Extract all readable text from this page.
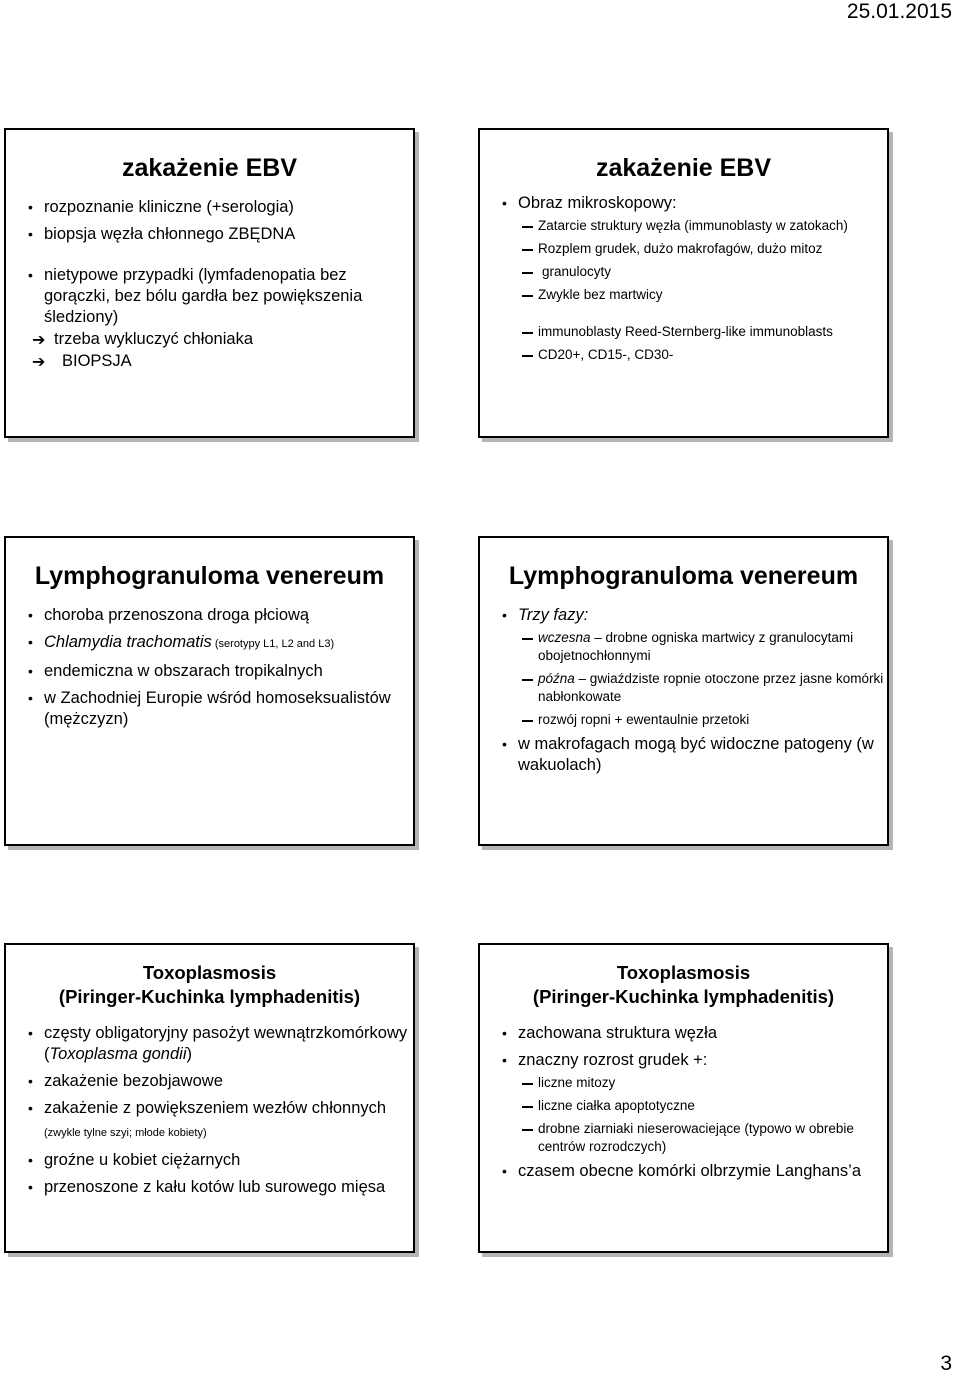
25.01.2015
zakażenie EBV
• rozpoznanie kliniczne (+serologia)
• biopsja węzła chłonnego ZBĘDNA
• nietypowe przypadki (lymfadenopatia bez gorączki, bez bólu gardła bez powiększenia śledziony)
➔ trzeba wykluczyć chłoniaka
➔ BIOPSJA
zakażenie EBV
• Obraz mikroskopowy:
Zatarcie struktury węzła (immunoblasty w zatokach)
Rozplem grudek, dużo makrofagów, dużo mitoz
granulocyty
Zwykle bez martwicy
immunoblasty Reed-Sternberg-like immunoblasts
CD20+, CD15-, CD30-
Lymphogranuloma venereum
• choroba przenoszona droga płciową
• Chlamydia trachomatis (serotypy L1, L2 and L3)
• endemiczna w obszarach tropikalnych
• w Zachodniej Europie wśród homoseksualistów (mężczyzn)
Lymphogranuloma venereum
• Trzy fazy:
wczesna – drobne ogniska martwicy z granulocytami obojetnochłonnymi
późna – gwiaździste ropnie otoczone przez jasne komórki nabłonkowate
rozwój ropni + ewentaulnie przetoki
• w makrofagach mogą być widoczne patogeny (w wakuolach)
Toxoplasmosis
(Piringer-Kuchinka lymphadenitis)
• częsty obligatoryjny pasożyt wewnątrzkomórkowy (Toxoplasma gondii)
• zakażenie bezobjawowe
• zakażenie z powiększeniem wezłów chłonnych (zwykle tylne szyi; młode kobiety)
• groźne u kobiet ciężarnych
• przenoszone z kału kotów lub surowego mięsa
Toxoplasmosis
(Piringer-Kuchinka lymphadenitis)
• zachowana struktura węzła
• znaczny rozrost grudek +:
liczne mitozy
liczne ciałka apoptotyczne
drobne ziarniaki nieserowaciejące (typowo w obrebie centrów rozrodczych)
• czasem obecne komórki olbrzymie Langhans’a
3
